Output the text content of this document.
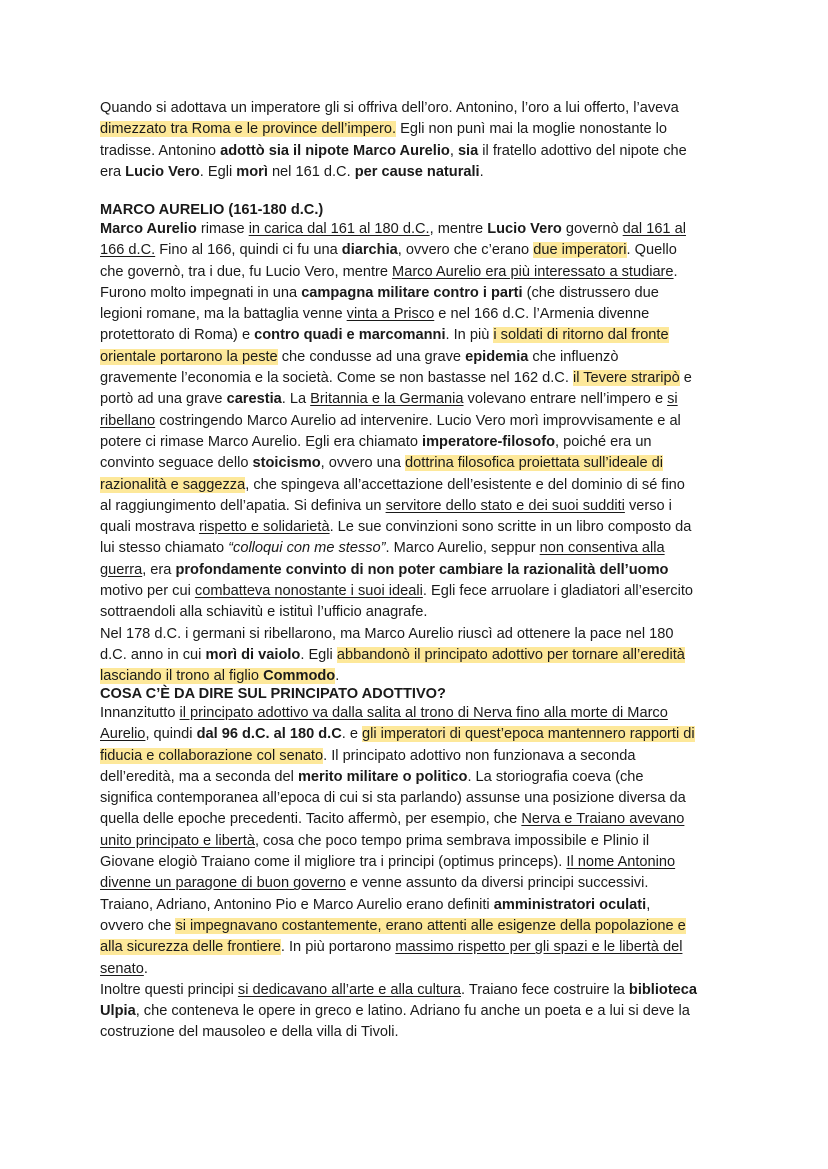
Quando si adottava un imperatore gli si offriva dell’oro. Antonino, l’oro a lui offerto, l’aveva
dimezzato tra Roma e le province dell’impero. Egli non punì mai la moglie nonostante lo
tradisse. Antonino adottò sia il nipote Marco Aurelio, sia il fratello adottivo del nipote che
era Lucio Vero. Egli morì nel 161 d.C. per cause naturali.
MARCO AURELIO (161-180 d.C.)
Marco Aurelio rimase in carica dal 161 al 180 d.C., mentre Lucio Vero governò dal 161 al
166 d.C. Fino al 166, quindi ci fu una diarchia, ovvero che c’erano due imperatori. Quello
che governò, tra i due, fu Lucio Vero, mentre Marco Aurelio era più interessato a studiare.
Furono molto impegnati in una campagna militare contro i parti (che distrussero due
legioni romane, ma la battaglia venne vinta a Prisco e nel 166 d.C. l’Armenia divenne
protettorato di Roma) e contro quadi e marcomanni. In più i soldati di ritorno dal fronte
orientale portarono la peste che condusse ad una grave epidemia che influenzò
gravemente l’economia e la società. Come se non bastasse nel 162 d.C. il Tevere straripò e
portò ad una grave carestia. La Britannia e la Germania volevano entrare nell’impero e si
ribellano costringendo Marco Aurelio ad intervenire. Lucio Vero morì improvvisamente e al
potere ci rimase Marco Aurelio. Egli era chiamato imperatore-filosofo, poiché era un
convinto seguace dello stoicismo, ovvero una dottrina filosofica proiettata sull’ideale di
razionalità e saggezza, che spingeva all’accettazione dell’esistente e del dominio di sé fino
al raggiungimento dell’apatia. Si definiva un servitore dello stato e dei suoi sudditi verso i
quali mostrava rispetto e solidarietà. Le sue convinzioni sono scritte in un libro composto da
lui stesso chiamato “colloqui con me stesso”. Marco Aurelio, seppur non consentiva alla
guerra, era profondamente convinto di non poter cambiare la razionalità dell’uomo
motivo per cui combatteva nonostante i suoi ideali. Egli fece arruolare i gladiatori all’esercito
sottraendoli alla schiavitù e istituì l’ufficio anagrafe.
Nel 178 d.C. i germani si ribellarono, ma Marco Aurelio riuscì ad ottenere la pace nel 180
d.C. anno in cui morì di vaiolo. Egli abbandonò il principato adottivo per tornare all’eredità
lasciando il trono al figlio Commodo.
COSA C’È DA DIRE SUL PRINCIPATO ADOTTIVO?
Innanzitutto il principato adottivo va dalla salita al trono di Nerva fino alla morte di Marco
Aurelio, quindi dal 96 d.C. al 180 d.C. e gli imperatori di quest’epoca mantennero rapporti di
fiducia e collaborazione col senato. Il principato adottivo non funzionava a seconda
dell’eredità, ma a seconda del merito militare o politico. La storiografia coeva (che
significa contemporanea all’epoca di cui si sta parlando) assunse una posizione diversa da
quella delle epoche precedenti. Tacito affermò, per esempio, che Nerva e Traiano avevano
unito principato e libertà, cosa che poco tempo prima sembrava impossibile e Plinio il
Giovane elogiò Traiano come il migliore tra i principi (optimus princeps). Il nome Antonino
divenne un paragone di buon governo e venne assunto da diversi principi successivi.
Traiano, Adriano, Antonino Pio e Marco Aurelio erano definiti amministratori oculati,
ovvero che si impegnavano costantemente, erano attenti alle esigenze della popolazione e
alla sicurezza delle frontiere. In più portarono massimo rispetto per gli spazi e le libertà del
senato.
Inoltre questi principi si dedicavano all’arte e alla cultura. Traiano fece costruire la biblioteca
Ulpia, che conteneva le opere in greco e latino. Adriano fu anche un poeta e a lui si deve la
costruzione del mausoleo e della villa di Tivoli.
